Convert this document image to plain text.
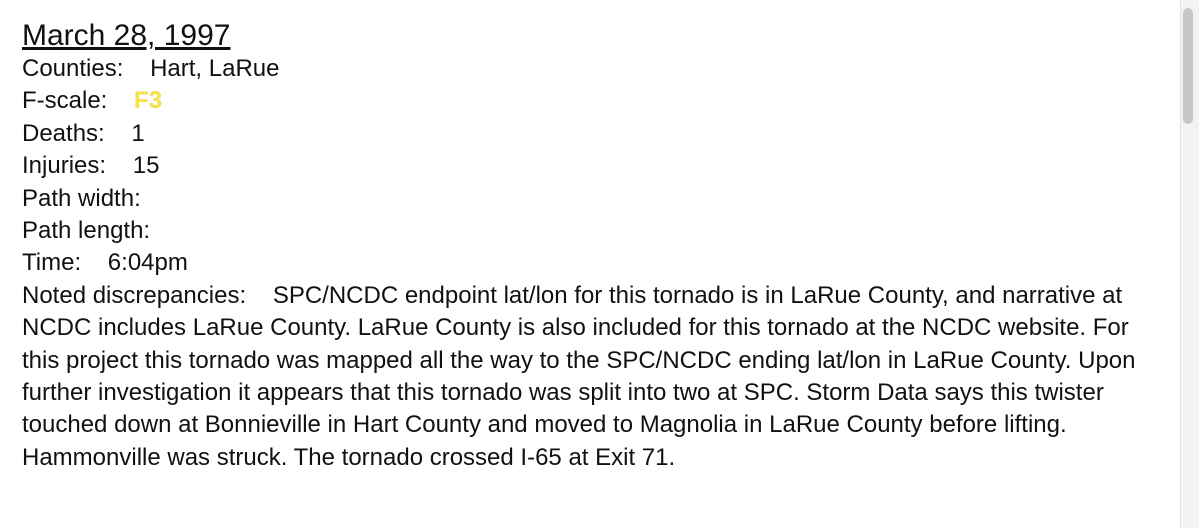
March 28, 1997
Counties: Hart, LaRue
F-scale: F3
Deaths: 1
Injuries: 15
Path width:
Path length:
Time: 6:04pm
Noted discrepancies: SPC/NCDC endpoint lat/lon for this tornado is in LaRue County, and narrative at NCDC includes LaRue County. LaRue County is also included for this tornado at the NCDC website. For this project this tornado was mapped all the way to the SPC/NCDC ending lat/lon in LaRue County. Upon further investigation it appears that this tornado was split into two at SPC. Storm Data says this twister touched down at Bonnieville in Hart County and moved to Magnolia in LaRue County before lifting. Hammonville was struck. The tornado crossed I-65 at Exit 71.
